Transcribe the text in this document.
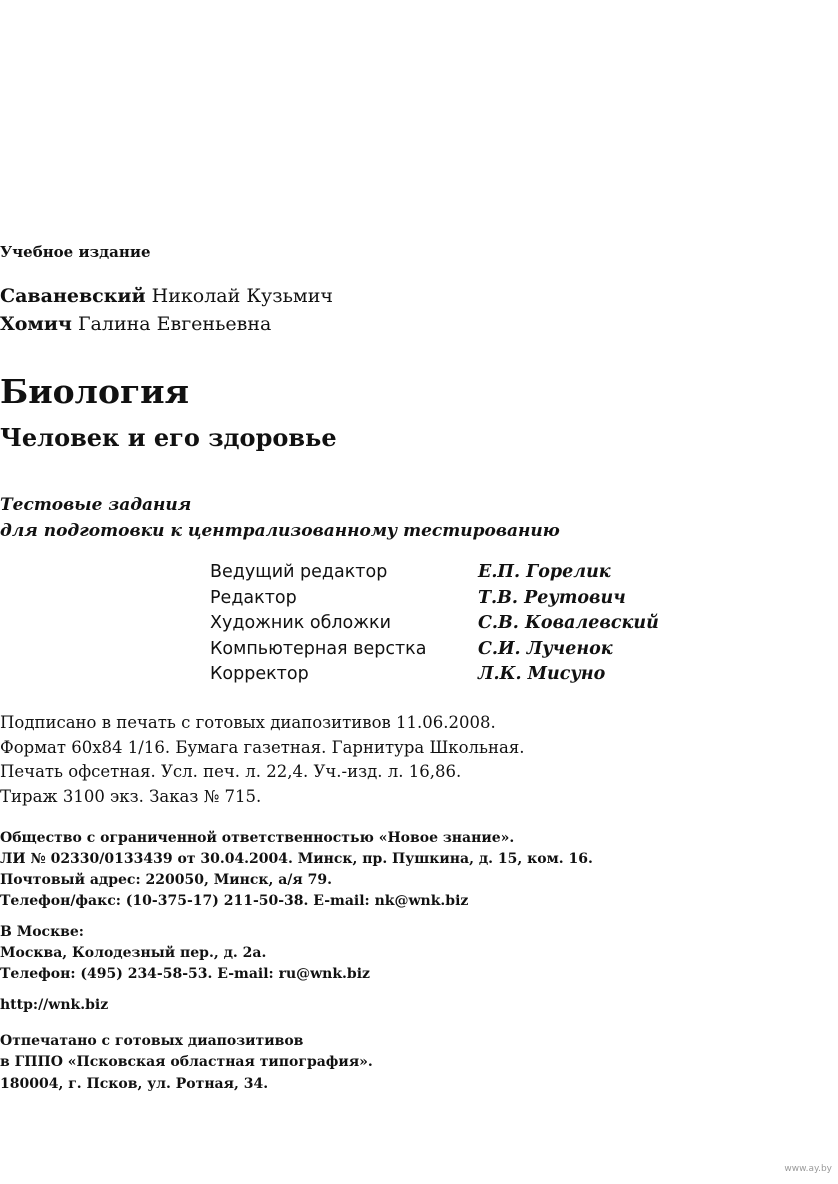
Учебное издание
Саваневский Николай Кузьмич
Хомич Галина Евгеньевна
Биология
Человек и его здоровье
Тестовые задания
для подготовки к централизованному тестированию
Ведущий редактор	Е.П. Горелик
Редактор	Т.В. Реутович
Художник обложки	С.В. Ковалевский
Компьютерная верстка	С.И. Лученок
Корректор	Л.К. Мисуно
Подписано в печать с готовых диапозитивов 11.06.2008.
Формат 60х84 1/16. Бумага газетная. Гарнитура Школьная.
Печать офсетная. Усл. печ. л. 22,4. Уч.-изд. л. 16,86.
Тираж 3100 экз. Заказ № 715.
Общество с ограниченной ответственностью «Новое знание».
ЛИ № 02330/0133439 от 30.04.2004. Минск, пр. Пушкина, д. 15, ком. 16.
Почтовый адрес: 220050, Минск, а/я 79.
Телефон/факс: (10-375-17) 211-50-38. E-mail: nk@wnk.biz
В Москве:
Москва, Колодезный пер., д. 2а.
Телефон: (495) 234-58-53. E-mail: ru@wnk.biz
http://wnk.biz
Отпечатано с готовых диапозитивов
в ГППО «Псковская областная типография».
180004, г. Псков, ул. Ротная, 34.
www.ay.by
